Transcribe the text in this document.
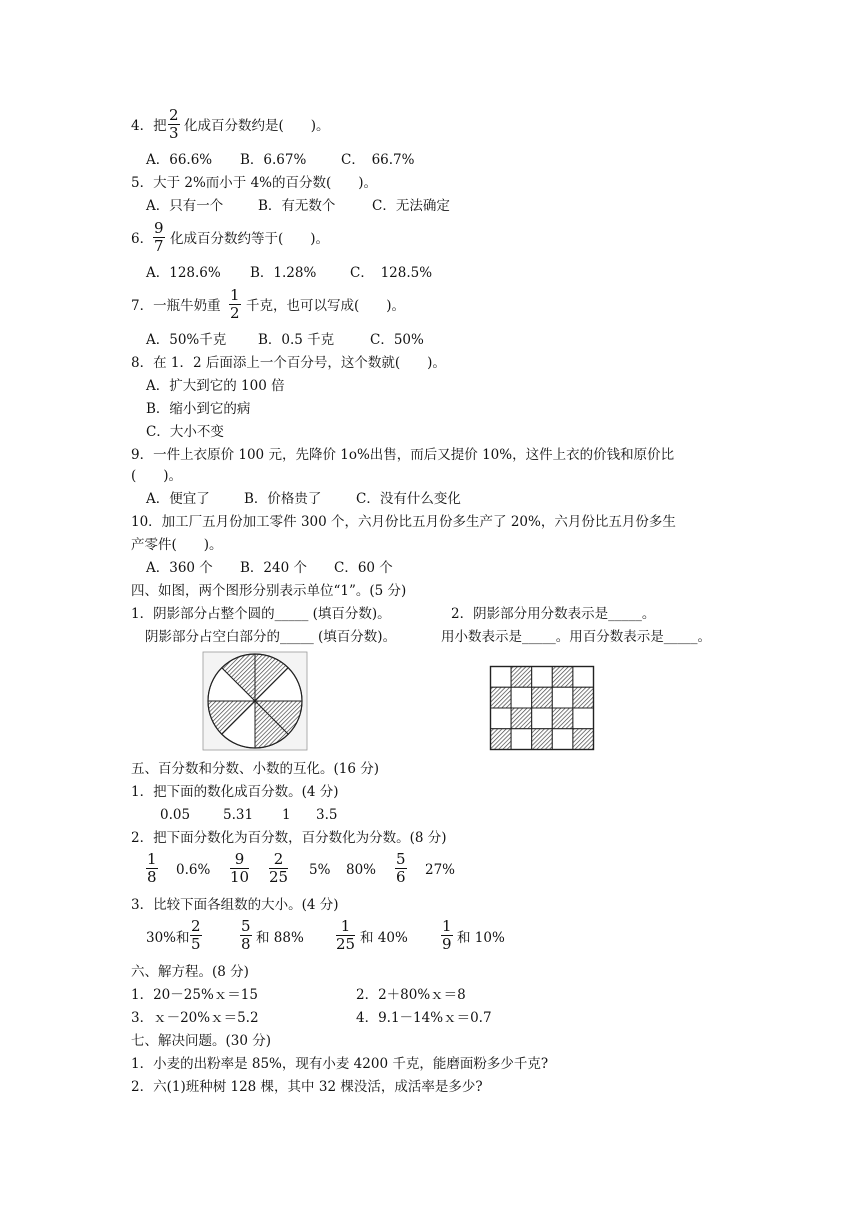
4．把 $\frac{2}{3}$ 化成百分数约是(　　)。
A．66.6% B．6.67%	C．　66.7%
5．大于 2%而小于 4%的百分数(　　)。
A．只有一个	B．有无数个	C．无法确定
6． $\frac{9}{7}$ 化成百分数约等于(　　)。
A．128.6% B．1.28% C．　128.5%
7．一瓶牛奶重 $\frac{1}{2}$ 千克，也可以写成(　　)。
A．50%千克 B．0.5 千克	C．50%
8．在 1．2 后面添上一个百分号，这个数就(　　)。
A．扩大到它的 100 倍
B．缩小到它的病
C．大小不变
9．一件上衣原价 100 元，先降价 1o%出售，而后又提价 10%，这件上衣的价钱和原价比
(　　)。
A．便宜了	B．价格贵了	C．没有什么变化
10．加工厂五月份加工零件 300 个，六月份比五月份多生产了 20%，六月份比五月份多生
产零件(　　)。
A．360 个 B．240 个 C．60 个
四、如图，两个图形分别表示单位“1”。(5 分)
1．阴影部分占整个圆的_____ (填百分数)。	2．阴影部分用分数表示是_____。
阴影部分占空白部分的_____ (填百分数)。	用小数表示是_____。用百分数表示是_____。
五、百分数和分数、小数的互化。(16 分)
1．把下面的数化成百分数。(4 分)
0.05 5.31 1 3.5
2．把下面分数化为百分数，百分数化为分数。(8 分)
$\frac{1}{8} 0.6\% \frac{9}{10} \frac{2}{25} 5\%$ $80\% \frac{5}{6} 27\%$
3．比较下面各组数的大小。(4 分)
30%和 $\frac{2}{5}$	$\frac{5}{8}$ 和 $88\% \frac{1}{25}$ 和 $40\% \frac{1}{9}$ 和 10%
六、解方程。(8 分)
1．20－25%ｘ＝15	2．2＋80%ｘ＝8
3．ｘ－20%ｘ＝5.2	4．9.1－14%ｘ＝0.7
七、解决问题。(30 分)
1．小麦的出粉率是 85%，现有小麦 4200 千克，能磨面粉多少千克?
2．六(1)班种树 128 棵，其中 32 棵没活，成活率是多少?
